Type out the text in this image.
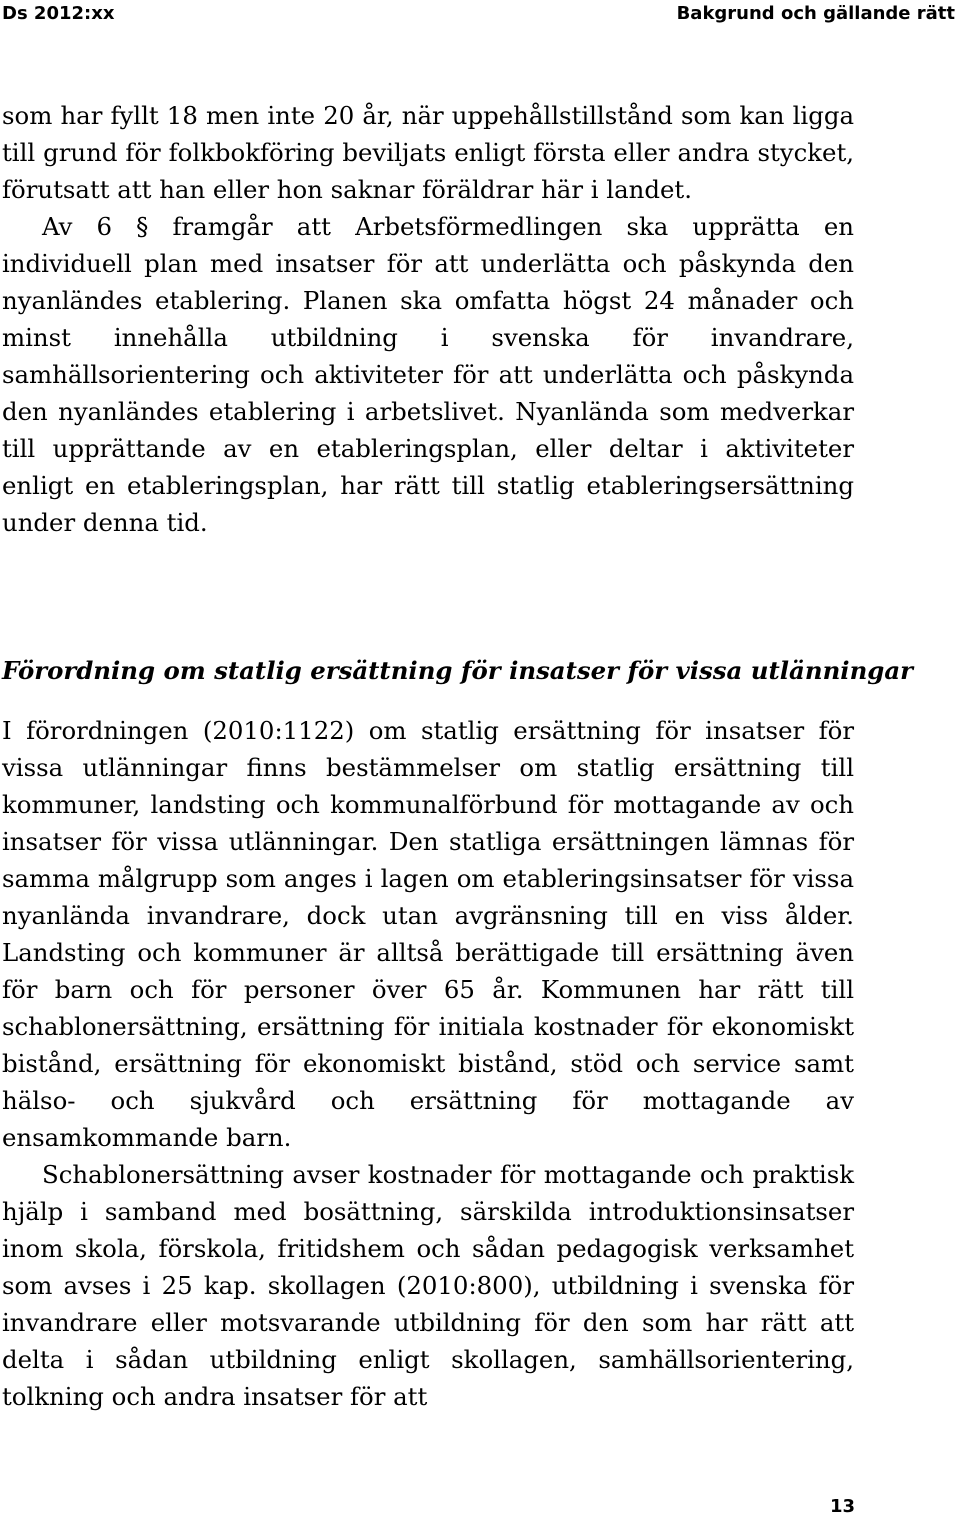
Ds 2012:xx	Bakgrund och gällande rätt

som har fyllt 18 men inte 20 år, när uppehållstillstånd som kan ligga till grund för folkbokföring beviljats enligt första eller andra stycket, förutsatt att han eller hon saknar föräldrar här i landet.

Av 6 § framgår att Arbetsförmedlingen ska upprätta en individuell plan med insatser för att underlätta och påskynda den nyanländes etablering. Planen ska omfatta högst 24 månader och minst innehålla utbildning i svenska för invandrare, samhällsorientering och aktiviteter för att underlätta och påskynda den nyanländes etablering i arbetslivet. Nyanlända som medverkar till upprättande av en etableringsplan, eller deltar i aktiviteter enligt en etableringsplan, har rätt till statlig etableringsersättning under denna tid.

Förordning om statlig ersättning för insatser för vissa utlänningar

I förordningen (2010:1122) om statlig ersättning för insatser för vissa utlänningar finns bestämmelser om statlig ersättning till kommuner, landsting och kommunalförbund för mottagande av och insatser för vissa utlänningar. Den statliga ersättningen lämnas för samma målgrupp som anges i lagen om etableringsinsatser för vissa nyanlända invandrare, dock utan avgränsning till en viss ålder. Landsting och kommuner är alltså berättigade till ersättning även för barn och för personer över 65 år. Kommunen har rätt till schablonersättning, ersättning för initiala kostnader för ekonomiskt bistånd, ersättning för ekonomiskt bistånd, stöd och service samt hälso- och sjukvård och ersättning för mottagande av ensamkommande barn.

Schablonersättning avser kostnader för mottagande och praktisk hjälp i samband med bosättning, särskilda introduktionsinsatser inom skola, förskola, fritidshem och sådan pedagogisk verksamhet som avses i 25 kap. skollagen (2010:800), utbildning i svenska för invandrare eller motsvarande utbildning för den som har rätt att delta i sådan utbildning enligt skollagen, samhällsorientering, tolkning och andra insatser för att

13
